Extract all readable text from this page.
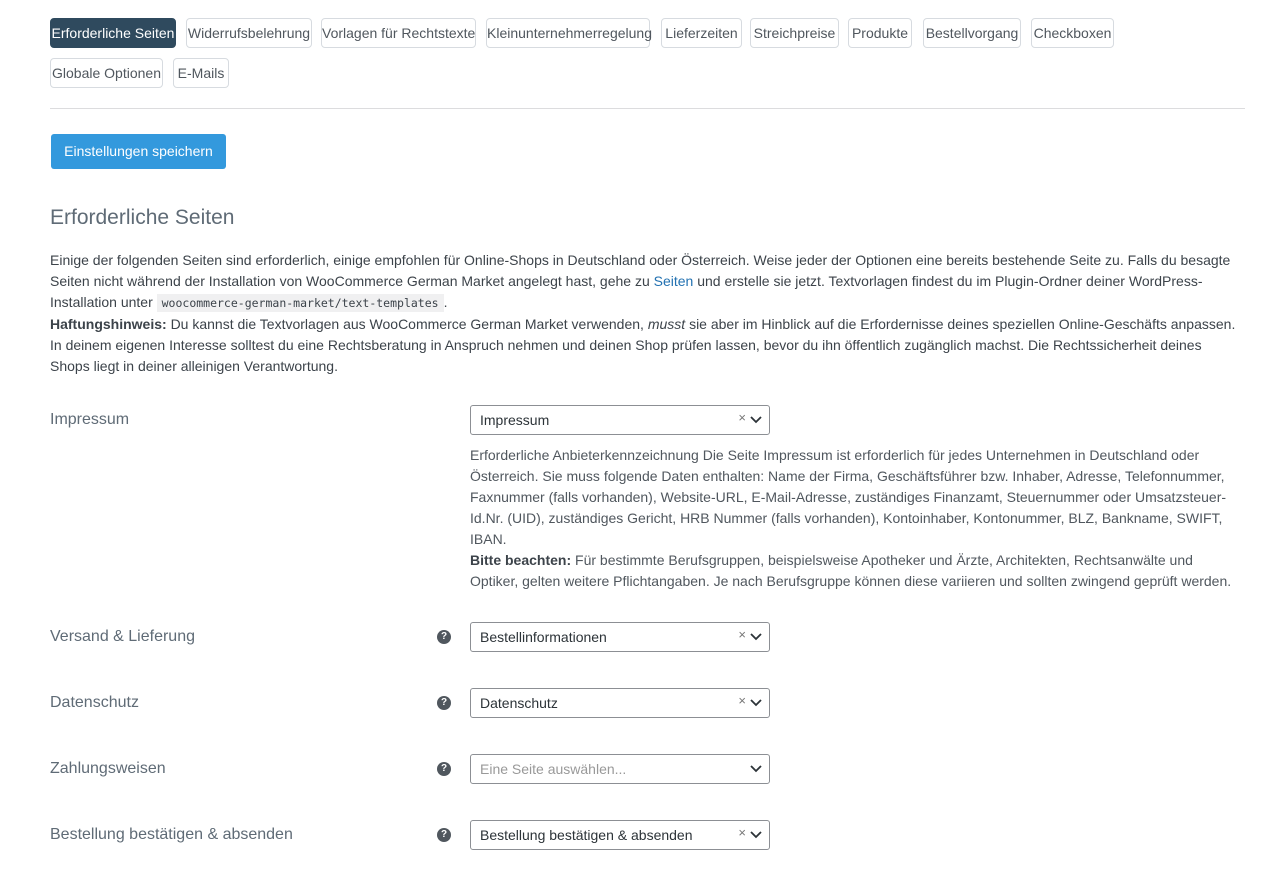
Erforderliche Seiten Widerrufsbelehrung Vorlagen für Rechtstexte Kleinunternehmerregelung Lieferzeiten	Streichpreise Produkte Bestellvorgang Checkboxen
Globale Optionen	E-Mails
Einstellungen speichern
Erforderliche Seiten
Einige der folgenden Seiten sind erforderlich, einige empfohlen für Online-Shops in Deutschland oder Österreich. Weise jeder der Optionen eine bereits bestehende Seite zu. Falls du besagte Seiten nicht während der Installation von WooCommerce German Market angelegt hast, gehe zu Seiten und erstelle sie jetzt. Textvorlagen findest du im Plugin-Ordner deiner WordPress-Installation unter woocommerce-german-market/text-templates .
Haftungshinweis: Du kannst die Textvorlagen aus WooCommerce German Market verwenden, musst sie aber im Hinblick auf die Erfordernisse deines speziellen Online-Geschäfts anpassen. In deinem eigenen Interesse solltest du eine Rechtsberatung in Anspruch nehmen und deinen Shop prüfen lassen, bevor du ihn öffentlich zugänglich machst. Die Rechtssicherheit deines Shops liegt in deiner alleinigen Verantwortung.
Impressum	Impressum	×
Erforderliche Anbieterkennzeichnung Die Seite Impressum ist erforderlich für jedes Unternehmen in Deutschland oder Österreich. Sie muss folgende Daten enthalten: Name der Firma, Geschäftsführer bzw. Inhaber, Adresse, Telefonnummer, Faxnummer (falls vorhanden), Website-URL, E-Mail-Adresse, zuständiges Finanzamt, Steuernummer oder Umsatzsteuer-Id.Nr. (UID), zuständiges Gericht, HRB Nummer (falls vorhanden), Kontoinhaber, Kontonummer, BLZ, Bankname, SWIFT, IBAN.
Bitte beachten: Für bestimmte Berufsgruppen, beispielsweise Apotheker und Ärzte, Architekten, Rechtsanwälte und Optiker, gelten weitere Pflichtangaben. Je nach Berufsgruppe können diese variieren und sollten zwingend geprüft werden.
Versand & Lieferung	? Bestellinformationen	×
Datenschutz	? Datenschutz	×
Zahlungsweisen	? Eine Seite auswählen...
Bestellung bestätigen & absenden	? Bestellung bestätigen & absenden	×
